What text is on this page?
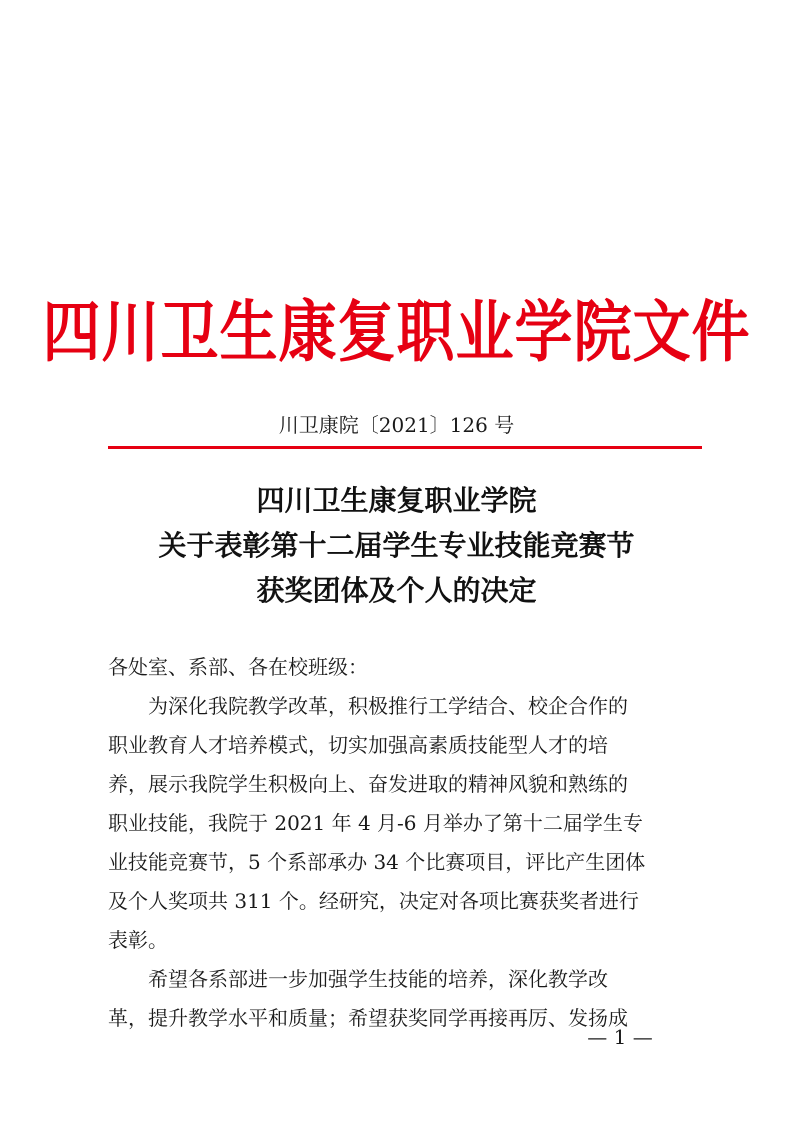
四川卫生康复职业学院文件
川卫康院〔2021〕126 号
四川卫生康复职业学院
关于表彰第十二届学生专业技能竞赛节
获奖团体及个人的决定
各处室、系部、各在校班级：
　　为深化我院教学改革，积极推行工学结合、校企合作的
职业教育人才培养模式，切实加强高素质技能型人才的培
养，展示我院学生积极向上、奋发进取的精神风貌和熟练的
职业技能，我院于 2021 年 4 月-6 月举办了第十二届学生专
业技能竞赛节，5 个系部承办 34 个比赛项目，评比产生团体
及个人奖项共 311 个。经研究，决定对各项比赛获奖者进行
表彰。
　　希望各系部进一步加强学生技能的培养，深化教学改
革，提升教学水平和质量；希望获奖同学再接再厉、发扬成
— 1 —
